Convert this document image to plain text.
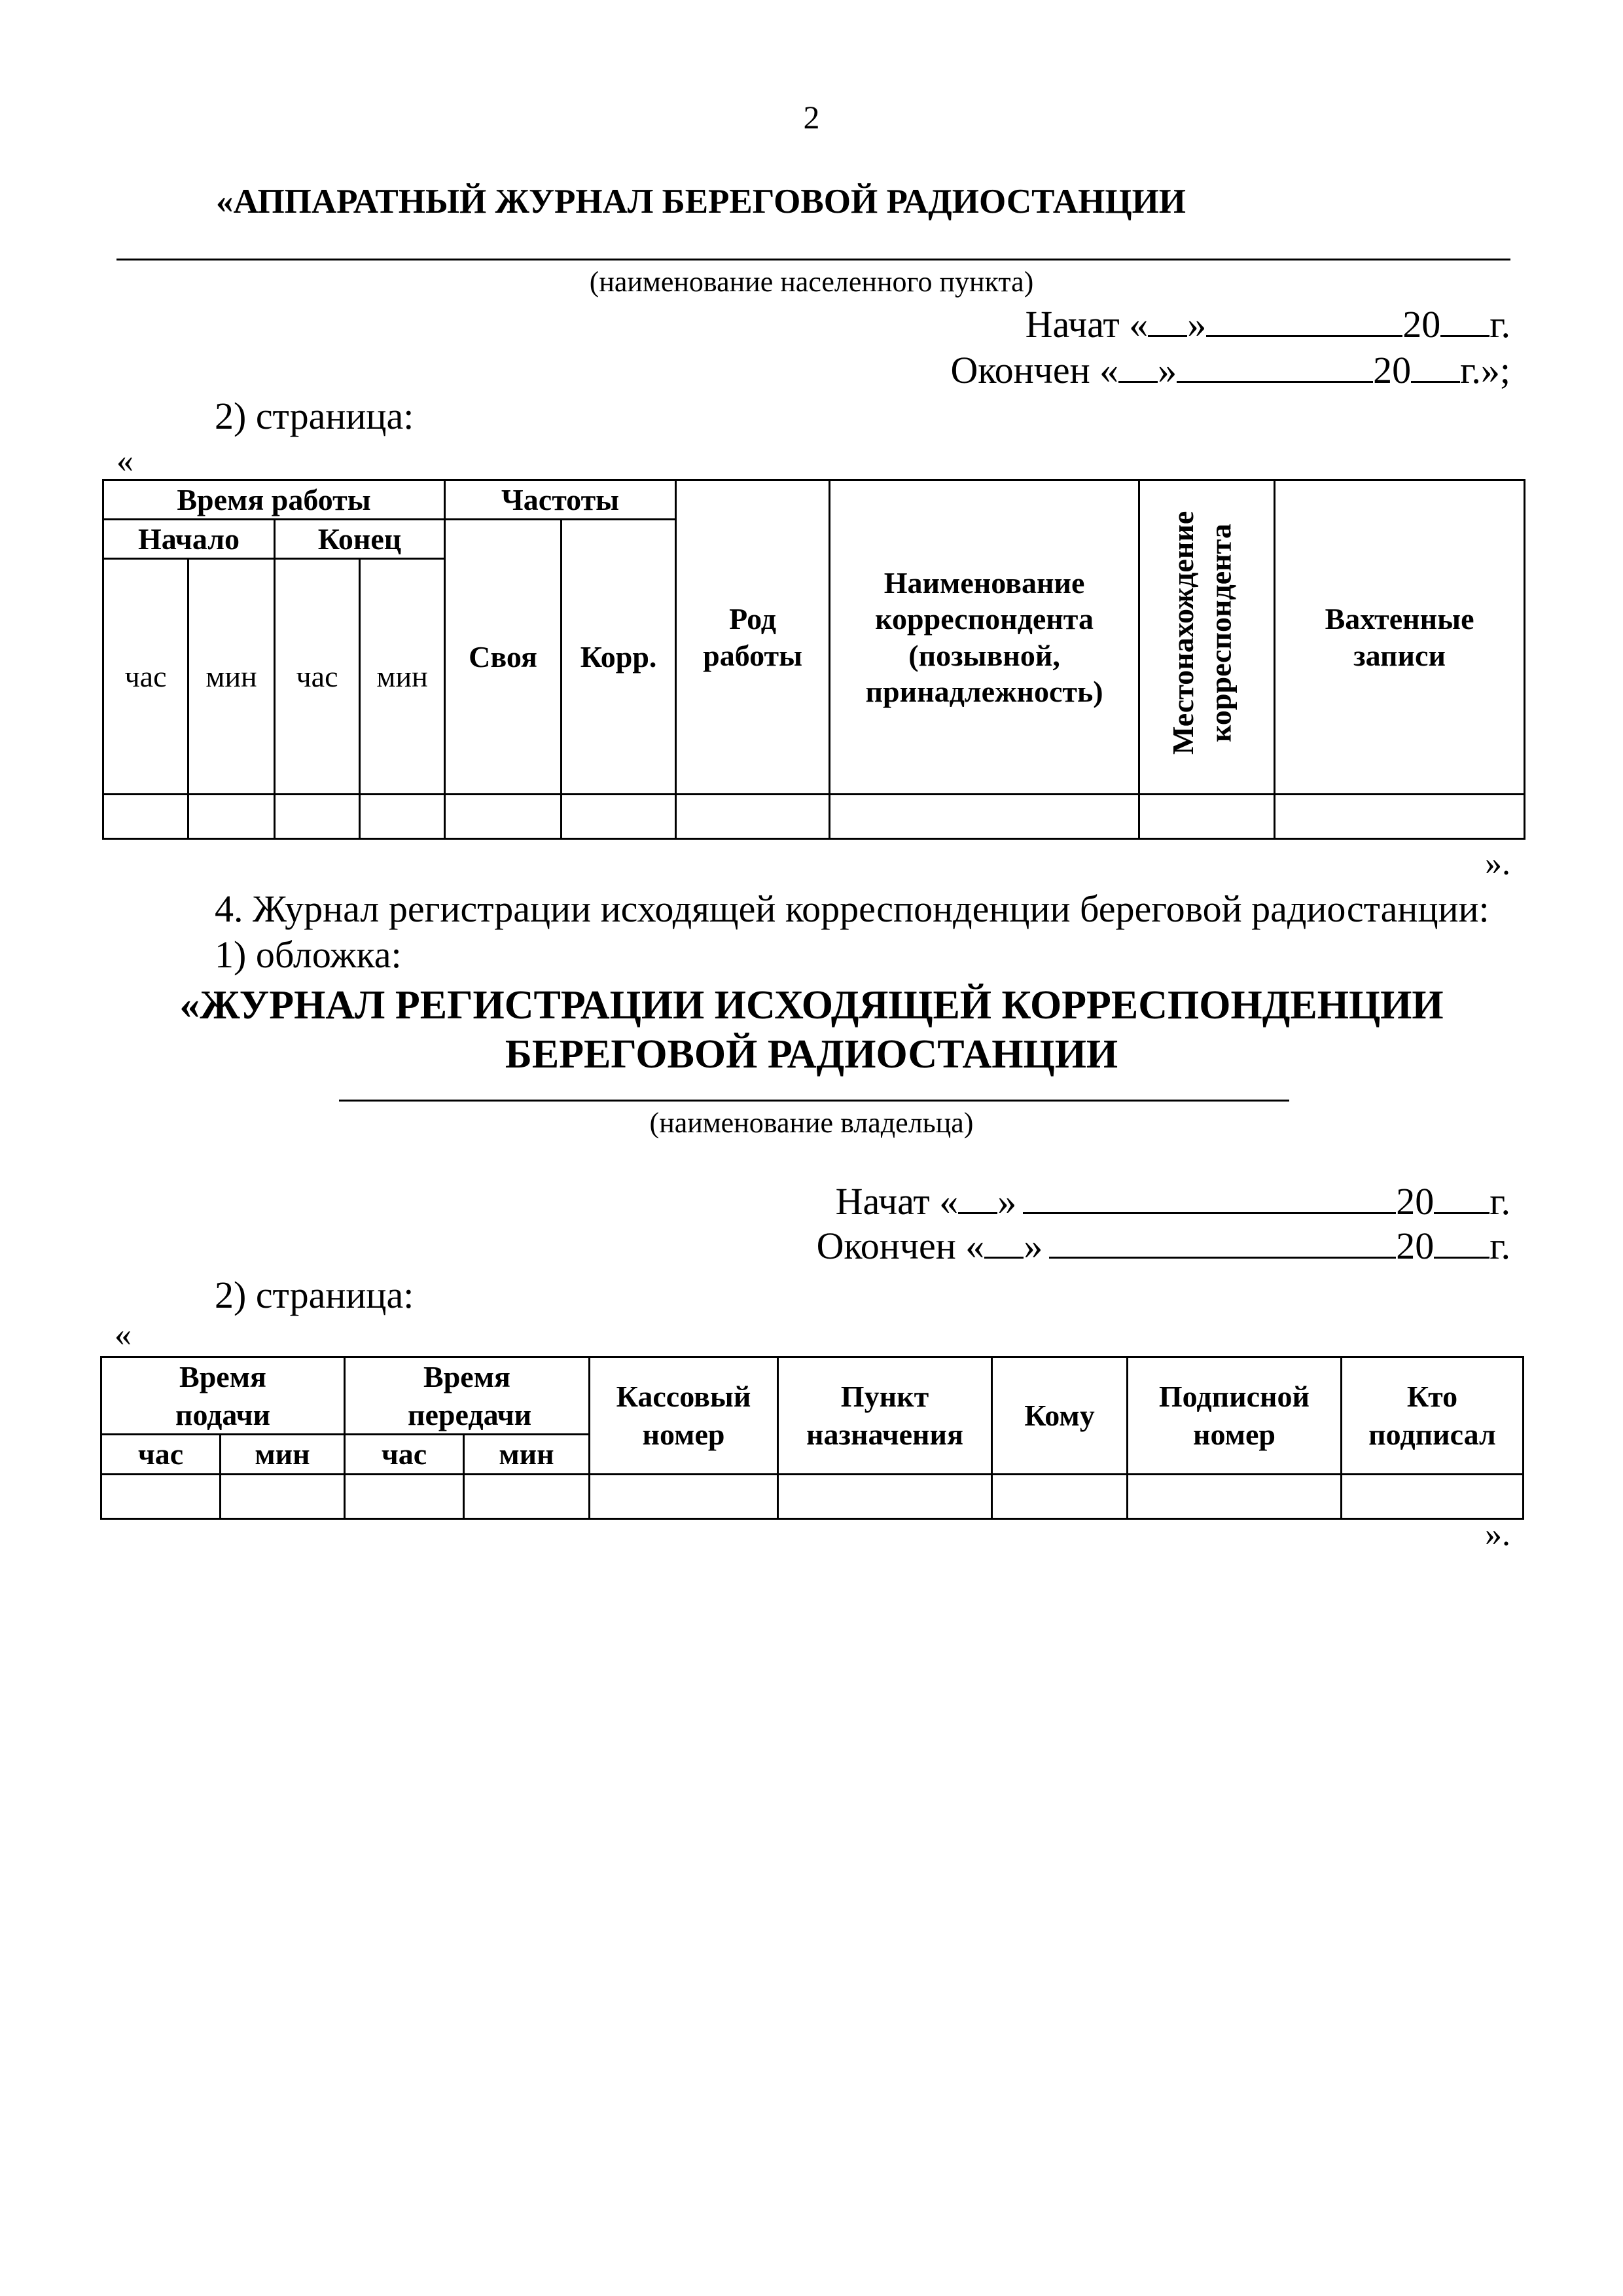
2
«АППАРАТНЫЙ ЖУРНАЛ БЕРЕГОВОЙ РАДИОСТАНЦИИ
(наименование населенного пункта)
Начат « »	20 г.
Окончен « »	20 г.»;
2) страница:
«
Время работы				Частоты		Род работы	Наименование корреспондента (позывной, принадлежность)	Местонахождение корреспондента	Вахтенные записи

Начало		Конец		Своя	Корр.				
час	мин	час	мин						

».
4. Журнал регистрации исходящей корреспонденции береговой радиостанции:
1) обложка:
«ЖУРНАЛ РЕГИСТРАЦИИ ИСХОДЯЩЕЙ КОРРЕСПОНДЕНЦИИ
БЕРЕГОВОЙ РАДИОСТАНЦИИ
(наименование владельца)
Начат « »	20 г.
Окончен « »	20 г.
2) страница:
«
Время подачи		Время передачи		Кассовый номер	Пункт назначения	Кому	Подписной номер	Кто подписал

час	мин	час	мин					

».
